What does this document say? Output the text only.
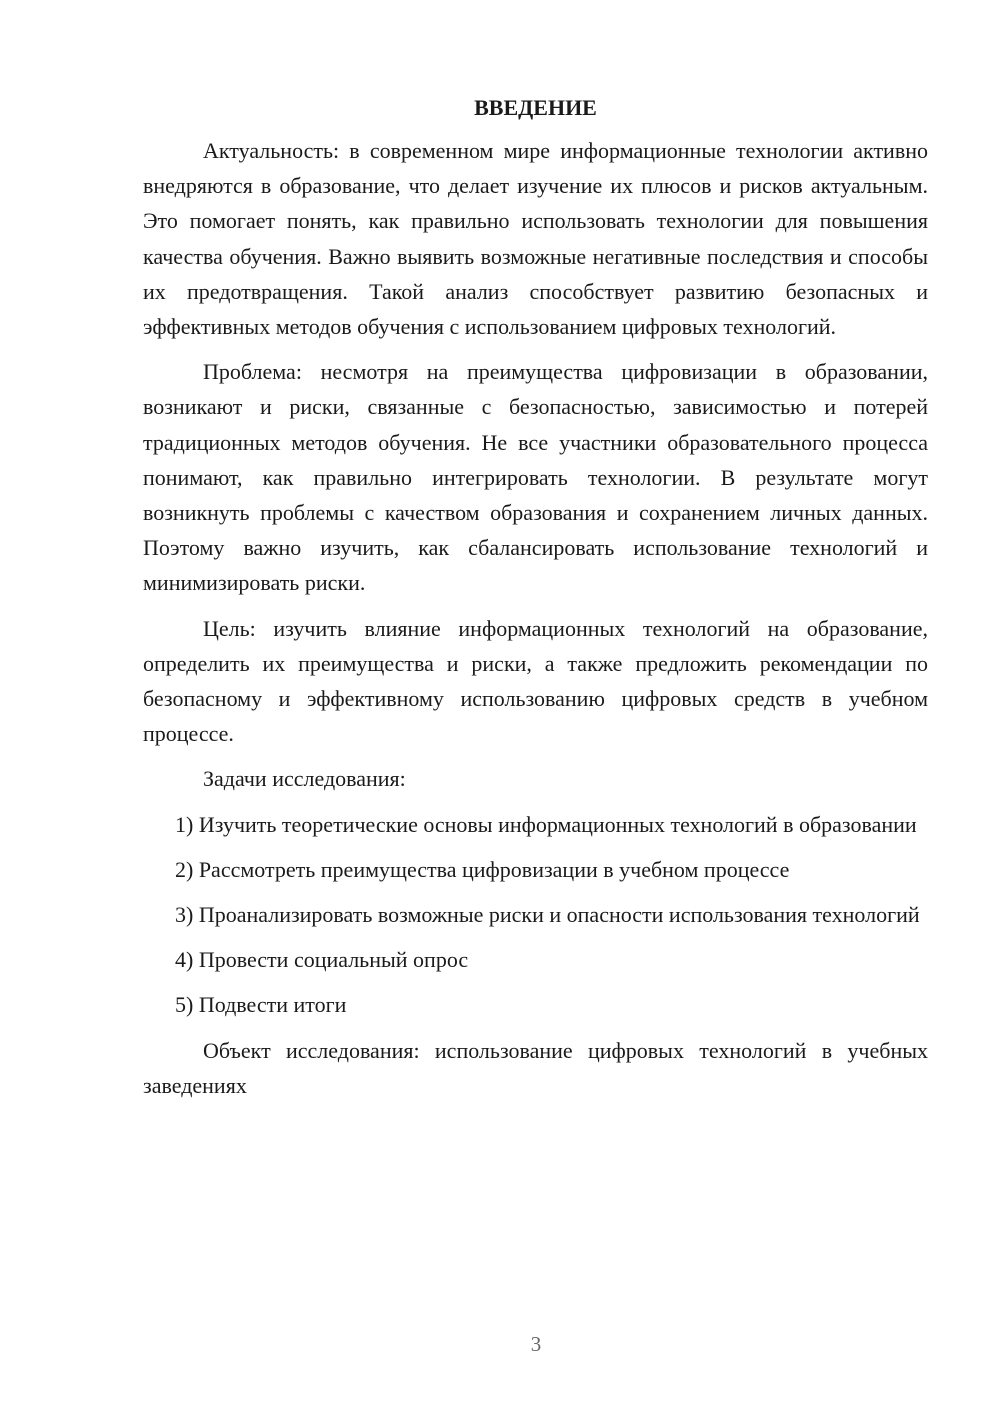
ВВЕДЕНИЕ

Актуальность: в современном мире информационные технологии активно внедряются в образование, что делает изучение их плюсов и рисков актуальным. Это помогает понять, как правильно использовать технологии для повышения качества обучения. Важно выявить возможные негативные последствия и способы их предотвращения. Такой анализ способствует развитию безопасных и эффективных методов обучения с использованием цифровых технологий.

Проблема: несмотря на преимущества цифровизации в образовании, возникают и риски, связанные с безопасностью, зависимостью и потерей традиционных методов обучения. Не все участники образовательного процесса понимают, как правильно интегрировать технологии. В результате могут возникнуть проблемы с качеством образования и сохранением личных данных. Поэтому важно изучить, как сбалансировать использование технологий и минимизировать риски.

Цель: изучить влияние информационных технологий на образование, определить их преимущества и риски, а также предложить рекомендации по безопасному и эффективному использованию цифровых средств в учебном процессе.

Задачи исследования:

1) Изучить теоретические основы информационных технологий в образовании

2) Рассмотреть преимущества цифровизации в учебном процессе

3) Проанализировать возможные риски и опасности использования технологий

4) Провести социальный опрос

5) Подвести итоги

Объект исследования: использование цифровых технологий в учебных заведениях

3
